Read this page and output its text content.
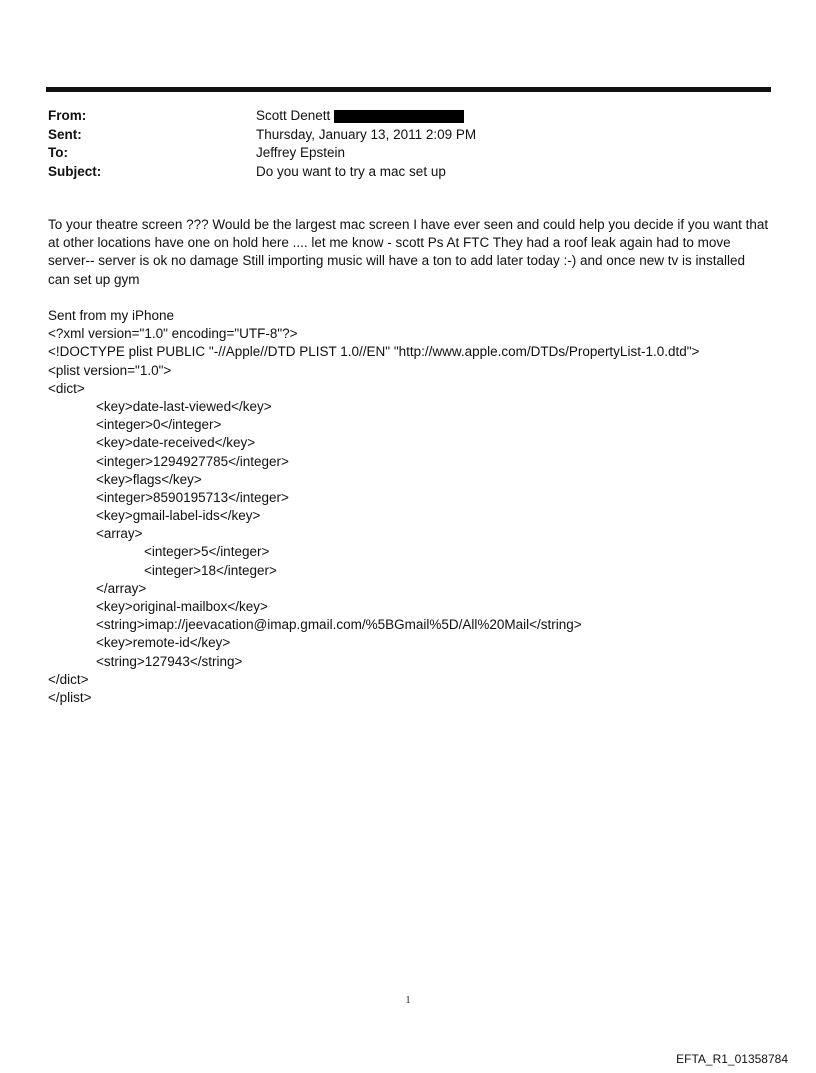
From:	Scott Denett
Sent:	Thursday, January 13, 2011 2:09 PM
To:	Jeffrey Epstein
Subject:	Do you want to try a mac set up

To your theatre screen ??? Would be the largest mac screen I have ever seen and could help you decide if you want that at other locations have one on hold here .... let me know - scott Ps At FTC They had a roof leak again had to move server-- server is ok no damage Still importing music will have a ton to add later today :-) and once new tv is installed can set up gym

Sent from my iPhone
<?xml version="1.0" encoding="UTF-8"?>
<!DOCTYPE plist PUBLIC "-//Apple//DTD PLIST 1.0//EN" "http://www.apple.com/DTDs/PropertyList-1.0.dtd">
<plist version="1.0">
<dict>
<key>date-last-viewed</key>
<integer>0</integer>
<key>date-received</key>
<integer>1294927785</integer>
<key>flags</key>
<integer>8590195713</integer>
<key>gmail-label-ids</key>
<array>
<integer>5</integer>
<integer>18</integer>
</array>
<key>original-mailbox</key>
<string>imap://jeevacation@imap.gmail.com/%5BGmail%5D/All%20Mail</string>
<key>remote-id</key>
<string>127943</string>
</dict>
</plist>
1
EFTA_R1_01358784
